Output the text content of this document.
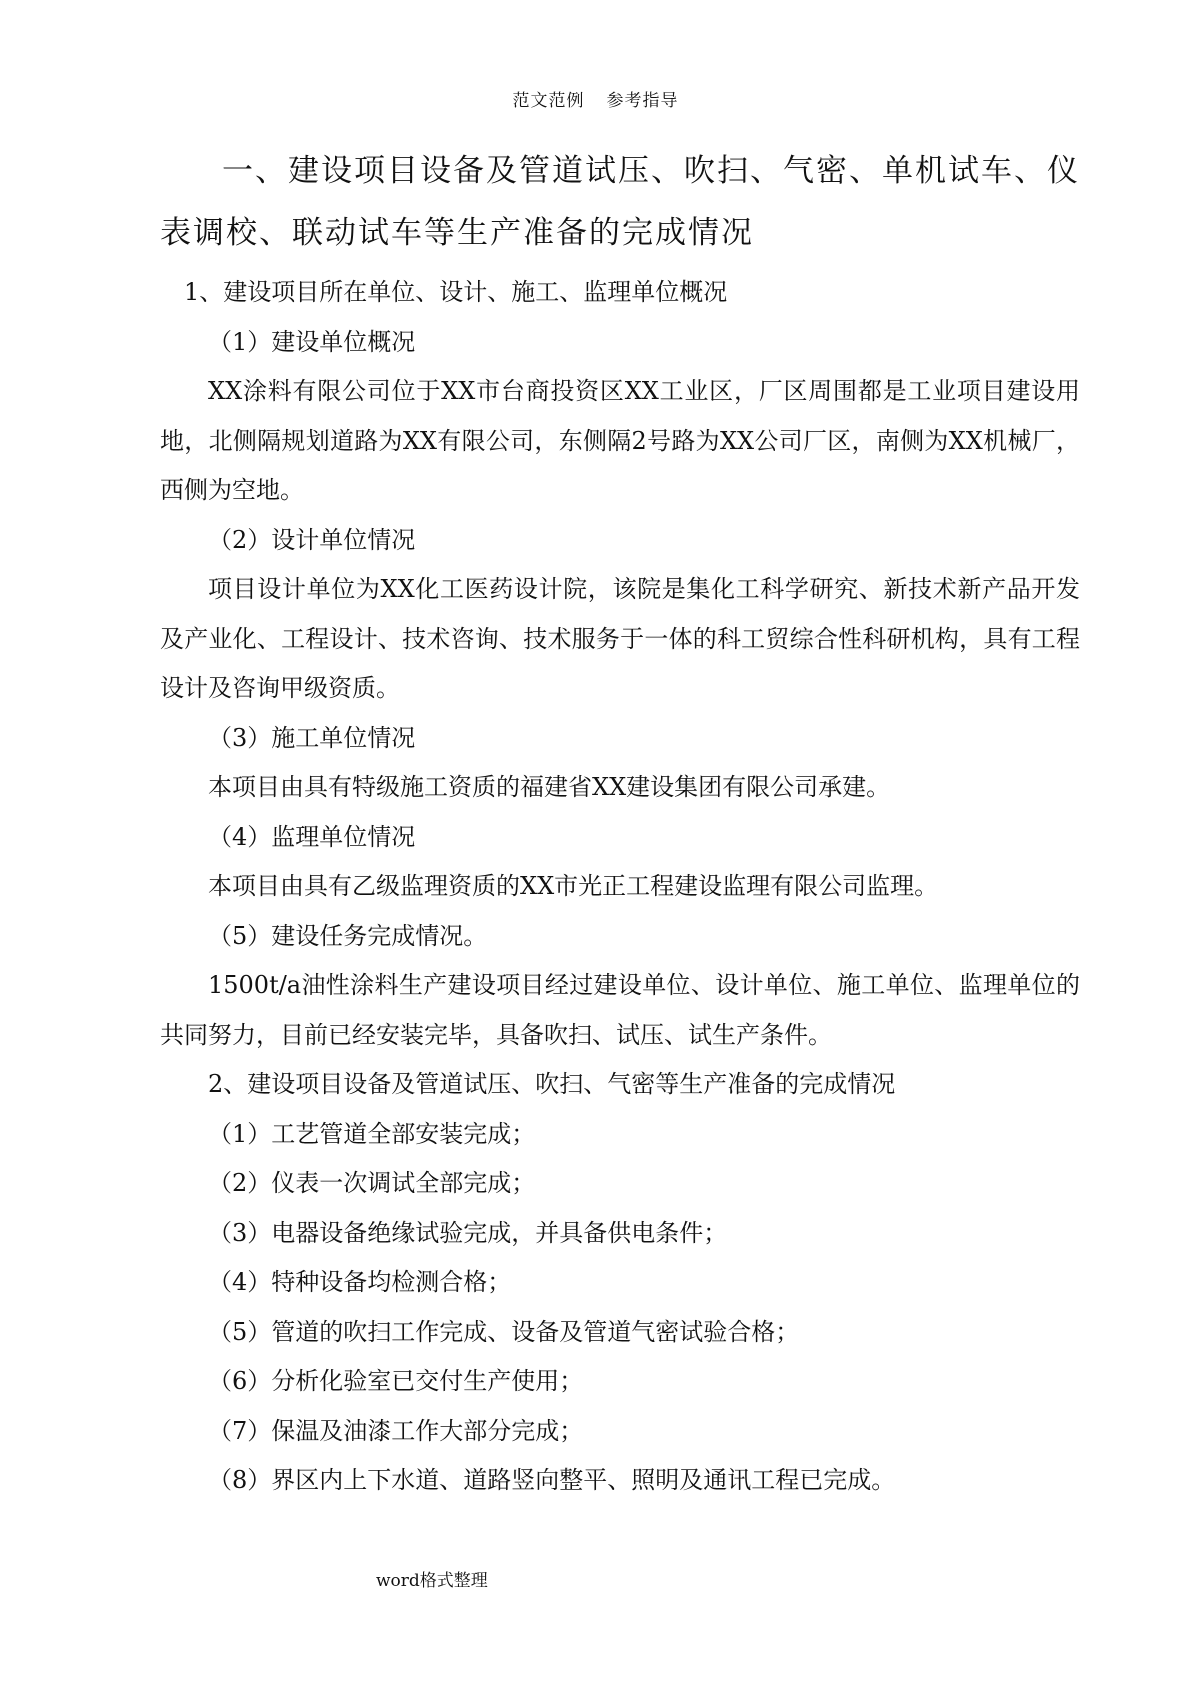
范文范例 参考指导
一、建设项目设备及管道试压、吹扫、气密、单机试车、仪表调校、联动试车等生产准备的完成情况

1、建设项目所在单位、设计、施工、监理单位概况

（1）建设单位概况

XX涂料有限公司位于XX市台商投资区XX工业区，厂区周围都是工业项目建设用地，北侧隔规划道路为XX有限公司，东侧隔2号路为XX公司厂区，南侧为XX机械厂，西侧为空地。

（2）设计单位情况

项目设计单位为XX化工医药设计院，该院是集化工科学研究、新技术新产品开发及产业化、工程设计、技术咨询、技术服务于一体的科工贸综合性科研机构，具有工程设计及咨询甲级资质。

（3）施工单位情况

本项目由具有特级施工资质的福建省XX建设集团有限公司承建。

（4）监理单位情况

本项目由具有乙级监理资质的XX市光正工程建设监理有限公司监理。

（5）建设任务完成情况。

1500t/a油性涂料生产建设项目经过建设单位、设计单位、施工单位、监理单位的共同努力，目前已经安装完毕，具备吹扫、试压、试生产条件。

2、建设项目设备及管道试压、吹扫、气密等生产准备的完成情况

（1）工艺管道全部安装完成；

（2）仪表一次调试全部完成；

（3）电器设备绝缘试验完成，并具备供电条件；

（4）特种设备均检测合格；

（5）管道的吹扫工作完成、设备及管道气密试验合格；

（6）分析化验室已交付生产使用；

（7）保温及油漆工作大部分完成；

（8）界区内上下水道、道路竖向整平、照明及通讯工程已完成。

word格式整理
